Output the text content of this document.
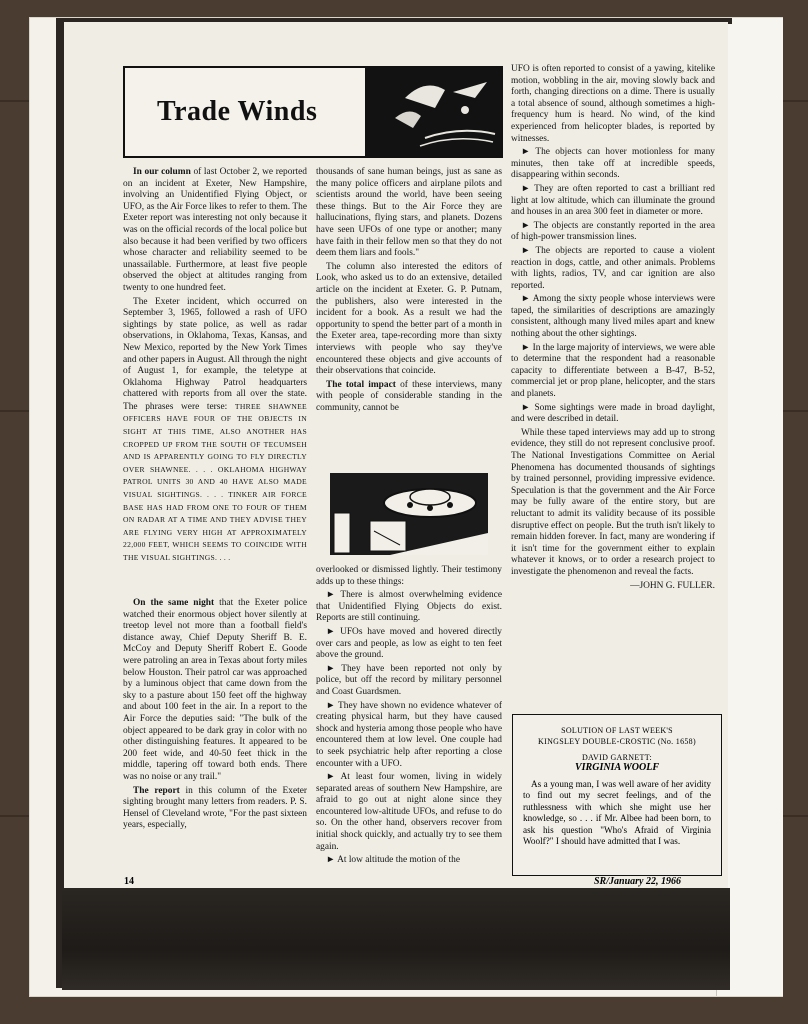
Trade Winds

In our column of last October 2, we reported on an incident at Exeter, New Hampshire, involving an Unidentified Flying Object, or UFO, as the Air Force likes to refer to them. The Exeter report was interesting not only because it was on the official records of the local police but also because it had been verified by two officers whose character and reliability seemed to be unassailable. Furthermore, at least five people observed the object at altitudes ranging from twenty to one hundred feet.

The Exeter incident, which occurred on September 3, 1965, followed a rash of UFO sightings by state police, as well as radar observations, in Oklahoma, Texas, Kansas, and New Mexico, reported by the New York Times and other papers in August. All through the night of August 1, for example, the teletype at Oklahoma Highway Patrol headquarters chattered with reports from all over the state. The phrases were terse: THREE SHAWNEE OFFICERS HAVE FOUR OF THE OBJECTS IN SIGHT AT THIS TIME, ALSO ANOTHER HAS CROPPED UP FROM THE SOUTH OF TECUMSEH AND IS APPARENTLY GOING TO FLY DIRECTLY OVER SHAWNEE. . . . OKLAHOMA HIGHWAY PATROL UNITS 30 AND 40 HAVE ALSO MADE VISUAL SIGHTINGS. . . . TINKER AIR FORCE BASE HAS HAD FROM ONE TO FOUR OF THEM ON RADAR AT A TIME AND THEY ADVISE THEY ARE FLYING VERY HIGH AT APPROXIMATELY 22,000 FEET, WHICH SEEMS TO COINCIDE WITH THE VISUAL SIGHTINGS. . . .

On the same night that the Exeter police watched their enormous object hover silently at treetop level not more than a football field's distance away, Chief Deputy Sheriff B. E. McCoy and Deputy Sheriff Robert E. Goode were patroling an area in Texas about forty miles below Houston. Their patrol car was approached by a luminous object that came down from the sky to a pasture about 150 feet off the highway and about 100 feet in the air. In a report to the Air Force the deputies said: "The bulk of the object appeared to be dark gray in color with no other distinguishing features. It appeared to be 200 feet wide, and 40-50 feet thick in the middle, tapering off toward both ends. There was no noise or any trail."

The report in this column of the Exeter sighting brought many letters from readers. P. S. Hensel of Cleveland wrote, "For the past sixteen years, especially,

thousands of sane human beings, just as sane as the many police officers and airplane pilots and scientists around the world, have been seeing these things. But to the Air Force they are hallucinations, flying stars, and planets. Dozens have seen UFOs of one type or another; many have faith in their fellow men so that they do not deem them liars and fools."

The column also interested the editors of Look, who asked us to do an extensive, detailed article on the incident at Exeter. G. P. Putnam, the publishers, also were interested in the incident for a book. As a result we had the opportunity to spend the better part of a month in the Exeter area, tape-recording more than sixty interviews with people who say they've encountered these objects and give accounts of their observations that coincide.

The total impact of these interviews, many with people of considerable standing in the community, cannot be

overlooked or dismissed lightly. Their testimony adds up to these things:

► There is almost overwhelming evidence that Unidentified Flying Objects do exist. Reports are still continuing.

► UFOs have moved and hovered directly over cars and people, as low as eight to ten feet above the ground.

► They have been reported not only by police, but off the record by military personnel and Coast Guardsmen.

► They have shown no evidence whatever of creating physical harm, but they have caused shock and hysteria among those people who have encountered them at low level. One couple had to seek psychiatric help after reporting a close encounter with a UFO.

► At least four women, living in widely separated areas of southern New Hampshire, are afraid to go out at night alone since they encountered low-altitude UFOs, and refuse to do so. On the other hand, observers recover from initial shock quickly, and actually try to see them again.

► At low altitude the motion of the

UFO is often reported to consist of a yawing, kitelike motion, wobbling in the air, moving slowly back and forth, changing directions on a dime. There is usually a total absence of sound, although sometimes a high-frequency hum is heard. No wind, of the kind experienced from helicopter blades, is reported by witnesses.

► The objects can hover motionless for many minutes, then take off at incredible speeds, disappearing within seconds.

► They are often reported to cast a brilliant red light at low altitude, which can illuminate the ground and houses in an area 300 feet in diameter or more.

► The objects are constantly reported in the area of high-power transmission lines.

► The objects are reported to cause a violent reaction in dogs, cattle, and other animals. Problems with lights, radios, TV, and car ignition are also reported.

► Among the sixty people whose interviews were taped, the similarities of descriptions are amazingly consistent, although many lived miles apart and knew nothing about the other sightings.

► In the large majority of interviews, we were able to determine that the respondent had a reasonable capacity to differentiate between a B-47, B-52, commercial jet or prop plane, helicopter, and the stars and planets.

► Some sightings were made in broad daylight, and were described in detail.

While these taped interviews may add up to strong evidence, they still do not represent conclusive proof. The National Investigations Committee on Aerial Phenomena has documented thousands of sightings by trained personnel, providing impressive evidence. Speculation is that the government and the Air Force may be fully aware of the entire story, but are reluctant to admit its validity because of its possible disruptive effect on people. But the truth isn't likely to remain hidden forever. In fact, many are wondering if it isn't time for the government either to explain whatever it knows, or to order a research project to investigate the phenomenon and reveal the facts.

—JOHN G. FULLER.

SOLUTION OF LAST WEEK'S
KINGSLEY DOUBLE-CROSTIC (No. 1658)
DAVID GARNETT:
VIRGINIA WOOLF
As a young man, I was well aware of her avidity to find out my secret feelings, and of the ruthlessness with which she might use her knowledge, so . . . if Mr. Albee had been born, to ask his question "Who's Afraid of Virginia Woolf?" I should have admitted that I was.
14	SR/January 22, 1966
